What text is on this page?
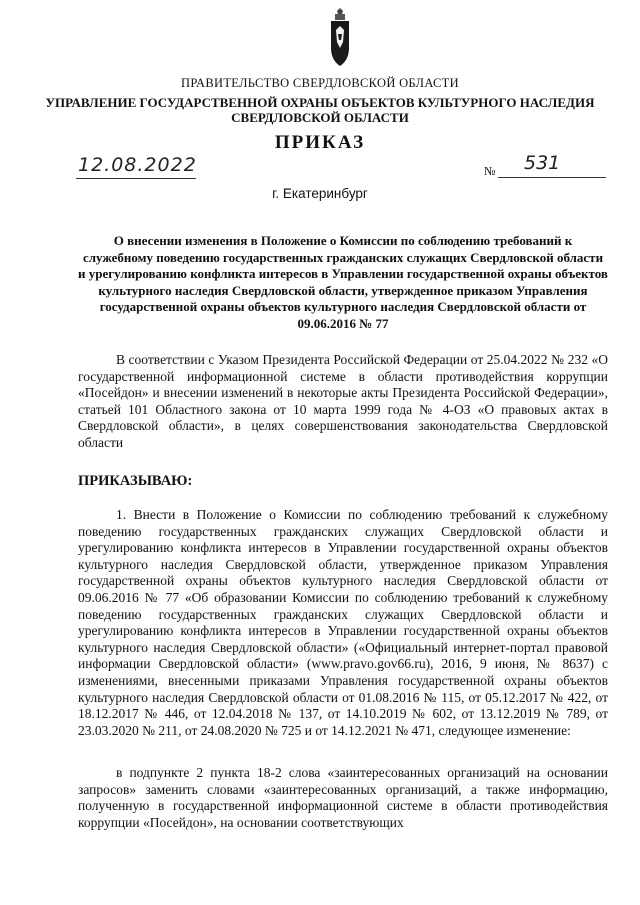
ПРАВИТЕЛЬСТВО СВЕРДЛОВСКОЙ ОБЛАСТИ
УПРАВЛЕНИЕ ГОСУДАРСТВЕННОЙ ОХРАНЫ ОБЪЕКТОВ КУЛЬТУРНОГО НАСЛЕДИЯ СВЕРДЛОВСКОЙ ОБЛАСТИ
ПРИКАЗ
12.08.2022	№ 531
г. Екатеринбург
О внесении изменения в Положение о Комиссии по соблюдению требований к служебному поведению государственных гражданских служащих Свердловской области и урегулированию конфликта интересов в Управлении государственной охраны объектов культурного наследия Свердловской области, утвержденное приказом Управления государственной охраны объектов культурного наследия Свердловской области от 09.06.2016 № 77
В соответствии с Указом Президента Российской Федерации от 25.04.2022 № 232 «О государственной информационной системе в области противодействия коррупции «Посейдон» и внесении изменений в некоторые акты Президента Российской Федерации», статьей 101 Областного закона от 10 марта 1999 года № 4-ОЗ «О правовых актах в Свердловской области», в целях совершенствования законодательства Свердловской области
ПРИКАЗЫВАЮ:
1. Внести в Положение о Комиссии по соблюдению требований к служебному поведению государственных гражданских служащих Свердловской области и урегулированию конфликта интересов в Управлении государственной охраны объектов культурного наследия Свердловской области, утвержденное приказом Управления государственной охраны объектов культурного наследия Свердловской области от 09.06.2016 № 77 «Об образовании Комиссии по соблюдению требований к служебному поведению государственных гражданских служащих Свердловской области и урегулированию конфликта интересов в Управлении государственной охраны объектов культурного наследия Свердловской области» («Официальный интернет-портал правовой информации Свердловской области» (www.pravo.gov66.ru), 2016, 9 июня, № 8637) с изменениями, внесенными приказами Управления государственной охраны объектов культурного наследия Свердловской области от 01.08.2016 № 115, от 05.12.2017 № 422, от 18.12.2017 № 446, от 12.04.2018 № 137, от 14.10.2019 № 602, от 13.12.2019 № 789, от 23.03.2020 № 211, от 24.08.2020 № 725 и от 14.12.2021 № 471, следующее изменение:
в подпункте 2 пункта 18-2 слова «заинтересованных организаций на основании запросов» заменить словами «заинтересованных организаций, а также информацию, полученную в государственной информационной системе в области противодействия коррупции «Посейдон», на основании соответствующих
